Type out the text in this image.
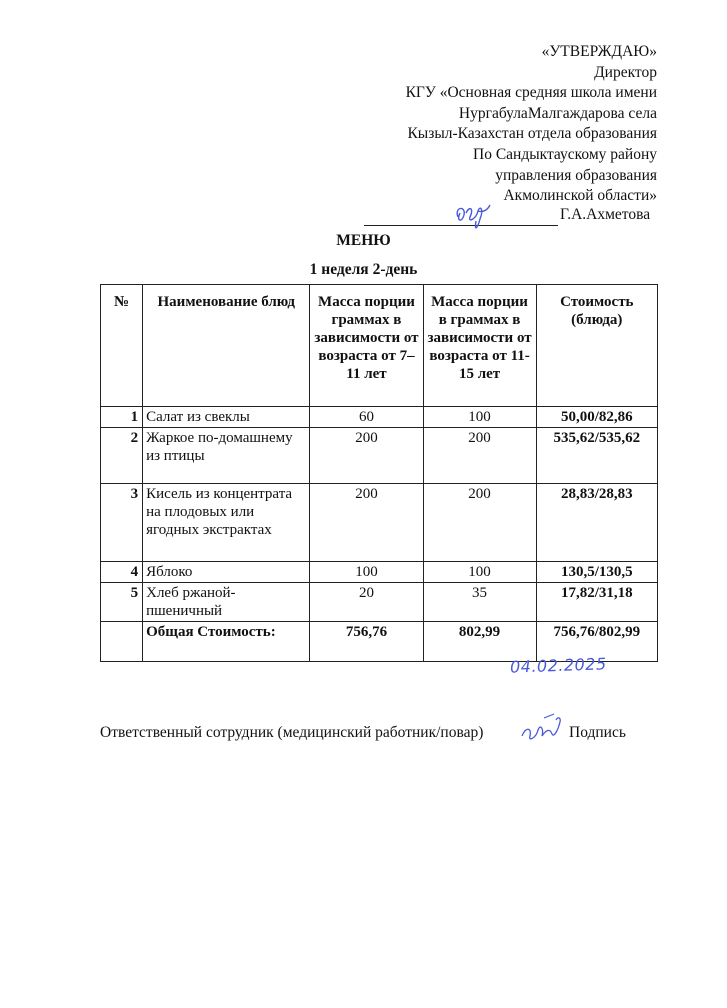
«УТВЕРЖДАЮ»
Директор
КГУ «Основная средняя школа имени
НургабулаМалгаждарова села
Кызыл-Казахстан отдела образования
По Сандыктаускому району
управления образования
Акмолинской области»
Г.А.Ахметова
МЕНЮ
1 неделя 2-день
№	Наименование блюд	Масса порции граммах в зависимости от возраста от 7–11 лет	Масса порции в граммах в зависимости от возраста от 11-15 лет	Стоимость (блюда)
1	Салат из свеклы	60	100	50,00/82,86
2	Жаркое по-домашнему из птицы	200	200	535,62/535,62
3	Кисель из концентрата на плодовых или ягодных экстрактах	200	200	28,83/28,83
4	Яблоко	100	100	130,5/130,5
5	Хлеб ржаной-пшеничный	20	35	17,82/31,18
	Общая Стоимость:	756,76	802,99	756,76/802,99
04.02.2025
Ответственный сотрудник (медицинский работник/повар)	Подпись
